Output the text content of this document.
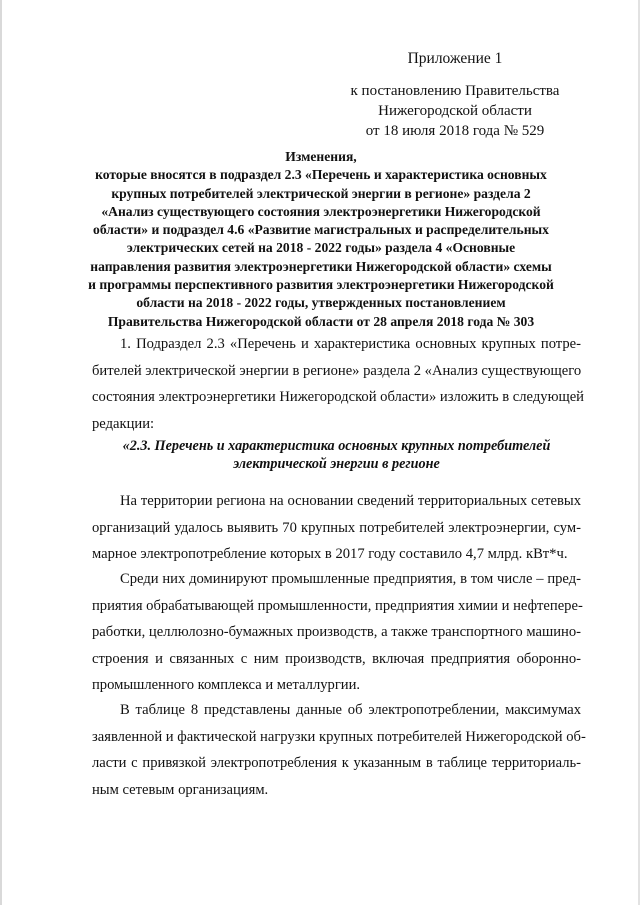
Приложение 1
к постановлению Правительства
Нижегородской области
от 18 июля 2018 года № 529
Изменения,
которые вносятся в подраздел 2.3 «Перечень и характеристика основных
крупных потребителей электрической энергии в регионе» раздела 2
«Анализ существующего состояния электроэнергетики Нижегородской
области» и подраздел 4.6 «Развитие магистральных и распределительных
электрических сетей на 2018 - 2022 годы» раздела 4 «Основные
направления развития электроэнергетики Нижегородской области» схемы
и программы перспективного развития электроэнергетики Нижегородской
области на 2018 - 2022 годы, утвержденных постановлением
Правительства Нижегородской области от 28 апреля 2018 года № 303
1. Подраздел 2.3 «Перечень и характеристика основных крупных потре-
бителей электрической энергии в регионе» раздела 2 «Анализ существующего
состояния электроэнергетики Нижегородской области» изложить в следующей
редакции:
«2.3. Перечень и характеристика основных крупных потребителей
электрической энергии в регионе
На территории региона на основании сведений территориальных сетевых
организаций удалось выявить 70 крупных потребителей электроэнергии, сум-
марное электропотребление которых в 2017 году составило 4,7 млрд. кВт*ч.
Среди них доминируют промышленные предприятия, в том числе – пред-
приятия обрабатывающей промышленности, предприятия химии и нефтепере-
работки, целлюлозно-бумажных производств, а также транспортного машино-
строения и связанных с ним производств, включая предприятия оборонно-
промышленного комплекса и металлургии.
В таблице 8 представлены данные об электропотреблении, максимумах
заявленной и фактической нагрузки крупных потребителей Нижегородской об-
ласти с привязкой электропотребления к указанным в таблице территориаль-
ным сетевым организациям.
